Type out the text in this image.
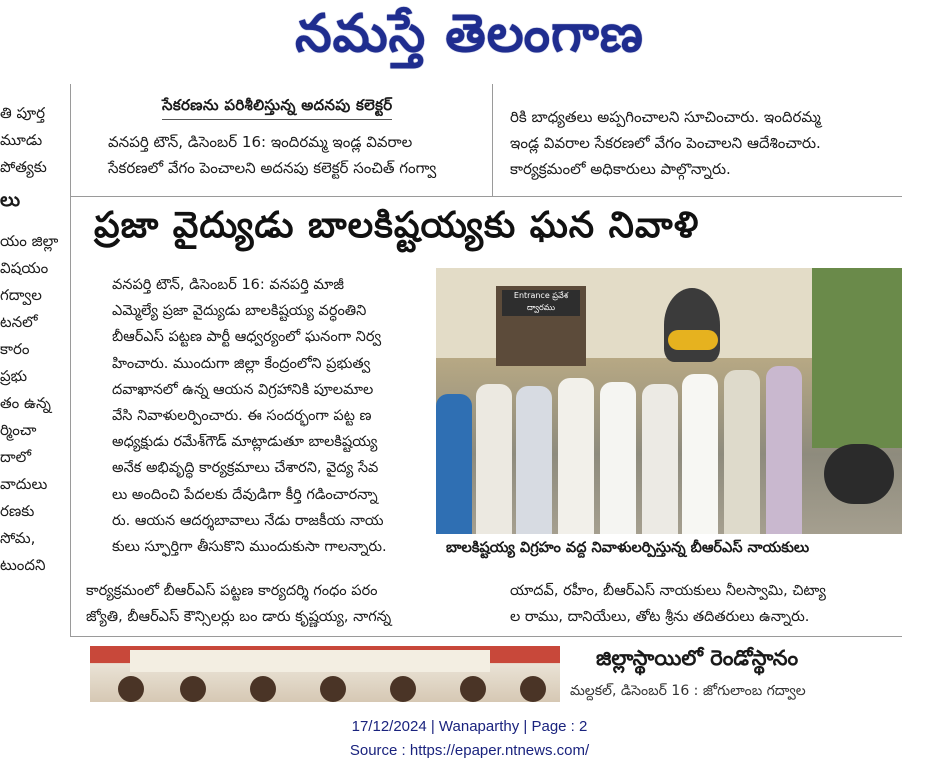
నమస్తే తెలంగాణ
తి పూర్త
మూడు
పోత్యకు
లు
యం జిల్లా
విషయం
గద్వాల
టనలో
కారం
ప్రభు
తం ఉన్న
ర్మించా
దాలో
వాదులు
రణకు
సోమ,
టుందని
సేకరణను పరిశీలిస్తున్న అదనపు కలెక్టర్
వనపర్తి టౌన్, డిసెంబర్ 16: ఇందిరమ్మ ఇండ్ల వివరాల
సేకరణలో వేగం పెంచాలని అదనపు కలెక్టర్ సంచిత్ గంగ్వా
రికి బాధ్యతలు అప్పగించాలని సూచించారు. ఇందిరమ్మ
ఇండ్ల వివరాల సేకరణలో వేగం పెంచాలని ఆదేశించారు.
కార్యక్రమంలో అధికారులు పాల్గొన్నారు.
ప్రజా వైద్యుడు బాలకిష్టయ్యకు ఘన నివాళి
వనపర్తి టౌన్, డిసెంబర్ 16: వనపర్తి మాజీ
ఎమ్మెల్యే ప్రజా వైద్యుడు బాలకిష్టయ్య వర్ధంతిని
బీఆర్ఎస్ పట్టణ పార్టీ ఆధ్వర్యంలో ఘనంగా నిర్వ
హించారు. ముందుగా జిల్లా కేంద్రంలోని ప్రభుత్వ
దవాఖానలో ఉన్న ఆయన విగ్రహానికి పూలమాల
వేసి నివాళులర్పించారు. ఈ సందర్భంగా పట్ట ణ
అధ్యక్షుడు రమేశ్‌గౌడ్ మాట్లాడుతూ బాలకిష్టయ్య
అనేక అభివృద్ధి కార్యక్రమాలు చేశారని, వైద్య సేవ
లు అందించి పేదలకు దేవుడిగా కీర్తి గడించారన్నా
రు. ఆయన ఆదర్శబావాలు నేడు రాజకీయ నాయ
కులు స్ఫూర్తిగా తీసుకొని ముందుకుసా గాలన్నారు.
Entrance ప్రవేశ ద్వారము
బాలకిష్టయ్య విగ్రహం వద్ద నివాళులర్పిస్తున్న బీఆర్ఎస్ నాయకులు
కార్యక్రమంలో బీఆర్ఎస్ పట్టణ కార్యదర్శి గంధం పరం
జ్యోతి, బీఆర్ఎస్ కౌన్సిలర్లు బం డారు కృష్ణయ్య, నాగన్న
యాదవ్, రహీం, బీఆర్ఎస్ నాయకులు నీలస్వామి, చిట్యా
ల రాము, దానియేలు, తోట శ్రీను తదితరులు ఉన్నారు.
జిల్లాస్థాయిలో రెండోస్థానం
మల్దకల్, డిసెంబర్ 16 : జోగులాంబ గద్వాల
17/12/2024 | Wanaparthy | Page : 2
Source : https://epaper.ntnews.com/
